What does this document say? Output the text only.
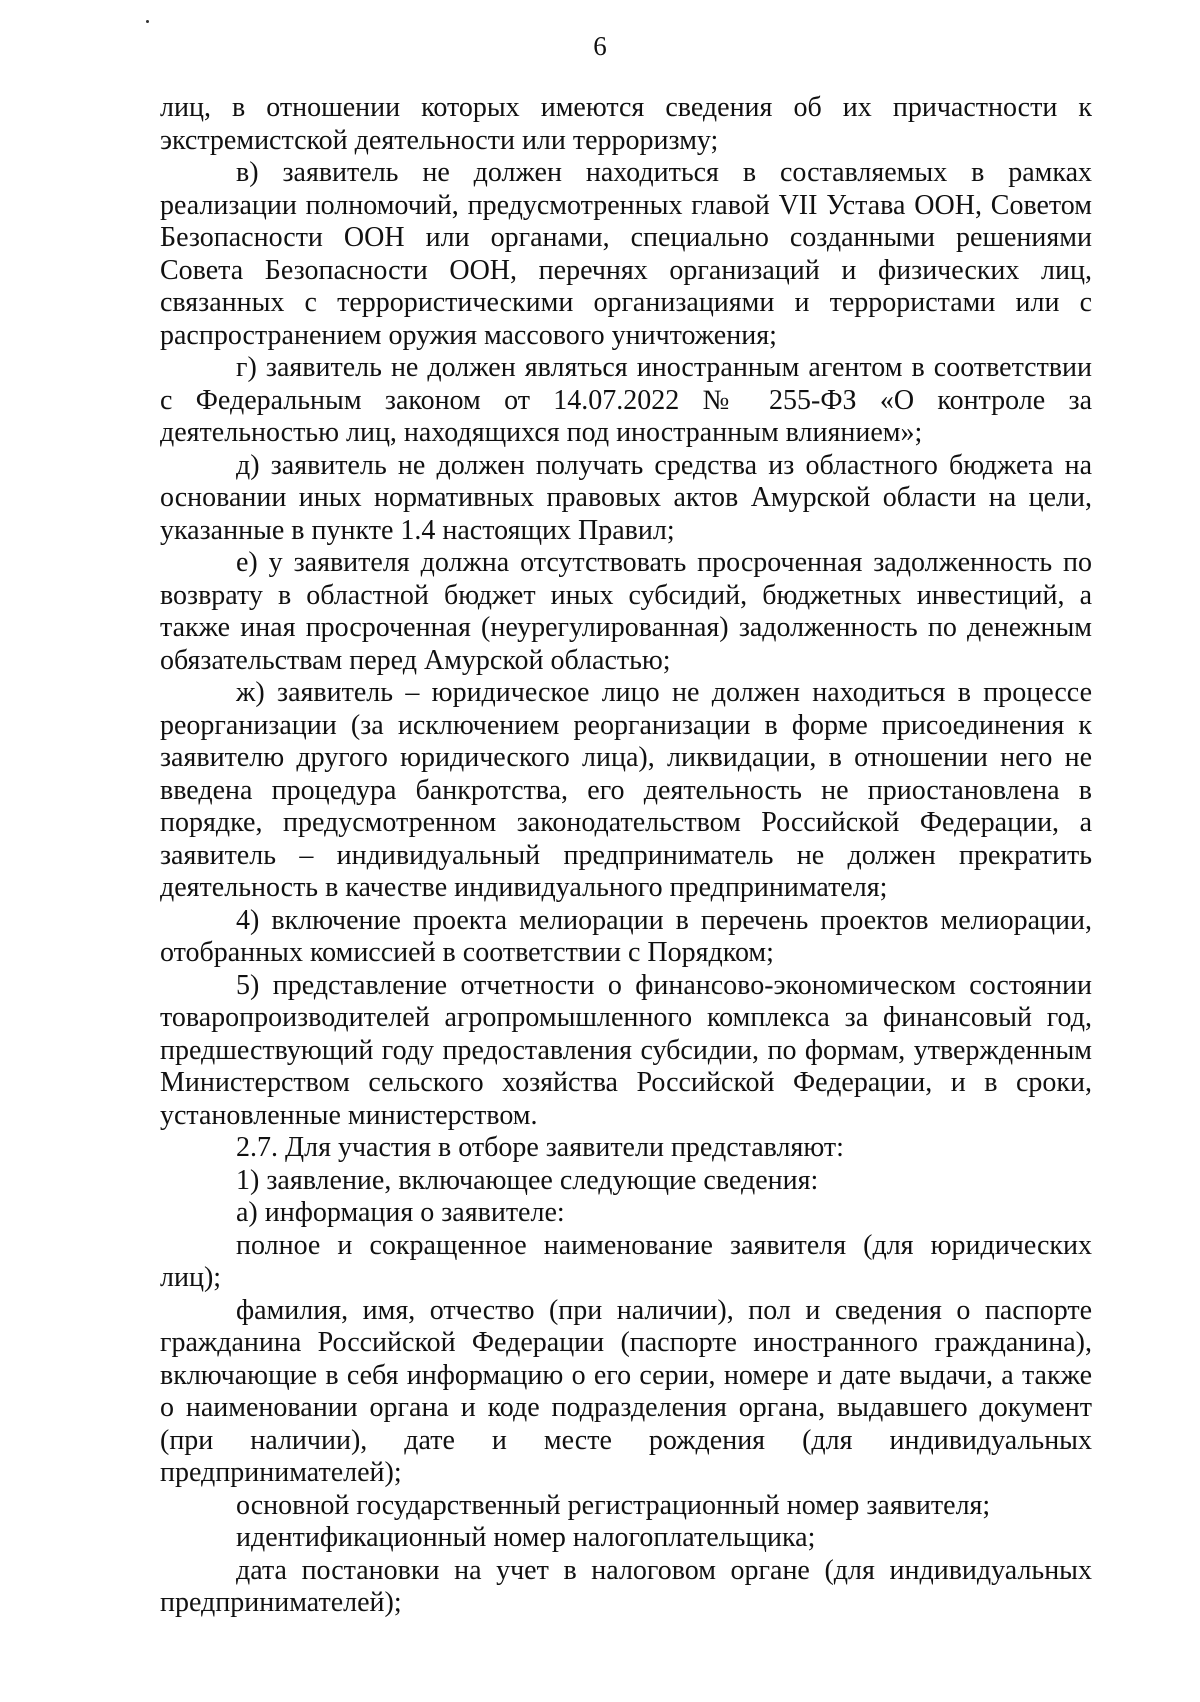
6

лиц, в отношении которых имеются сведения об их причастности к экстремистской деятельности или терроризму;

в) заявитель не должен находиться в составляемых в рамках реализации полномочий, предусмотренных главой VII Устава ООН, Советом Безопасности ООН или органами, специально созданными решениями Совета Безопасности ООН, перечнях организаций и физических лиц, связанных с террористическими организациями и террористами или с распространением оружия массового уничтожения;

г) заявитель не должен являться иностранным агентом в соответствии с Федеральным законом от 14.07.2022 № 255-ФЗ «О контроле за деятельностью лиц, находящихся под иностранным влиянием»;

д) заявитель не должен получать средства из областного бюджета на основании иных нормативных правовых актов Амурской области на цели, указанные в пункте 1.4 настоящих Правил;

е) у заявителя должна отсутствовать просроченная задолженность по возврату в областной бюджет иных субсидий, бюджетных инвестиций, а также иная просроченная (неурегулированная) задолженность по денежным обязательствам перед Амурской областью;

ж) заявитель – юридическое лицо не должен находиться в процессе реорганизации (за исключением реорганизации в форме присоединения к заявителю другого юридического лица), ликвидации, в отношении него не введена процедура банкротства, его деятельность не приостановлена в порядке, предусмотренном законодательством Российской Федерации, а заявитель – индивидуальный предприниматель не должен прекратить деятельность в качестве индивидуального предпринимателя;

4) включение проекта мелиорации в перечень проектов мелиорации, отобранных комиссией в соответствии с Порядком;

5) представление отчетности о финансово-экономическом состоянии товаропроизводителей агропромышленного комплекса за финансовый год, предшествующий году предоставления субсидии, по формам, утвержденным Министерством сельского хозяйства Российской Федерации, и в сроки, установленные министерством.

2.7. Для участия в отборе заявители представляют:

1) заявление, включающее следующие сведения:

а) информация о заявителе:

полное и сокращенное наименование заявителя (для юридических лиц);

фамилия, имя, отчество (при наличии), пол и сведения о паспорте гражданина Российской Федерации (паспорте иностранного гражданина), включающие в себя информацию о его серии, номере и дате выдачи, а также о наименовании органа и коде подразделения органа, выдавшего документ (при наличии), дате и месте рождения (для индивидуальных предпринимателей);

основной государственный регистрационный номер заявителя;

идентификационный номер налогоплательщика;

дата постановки на учет в налоговом органе (для индивидуальных предпринимателей);
